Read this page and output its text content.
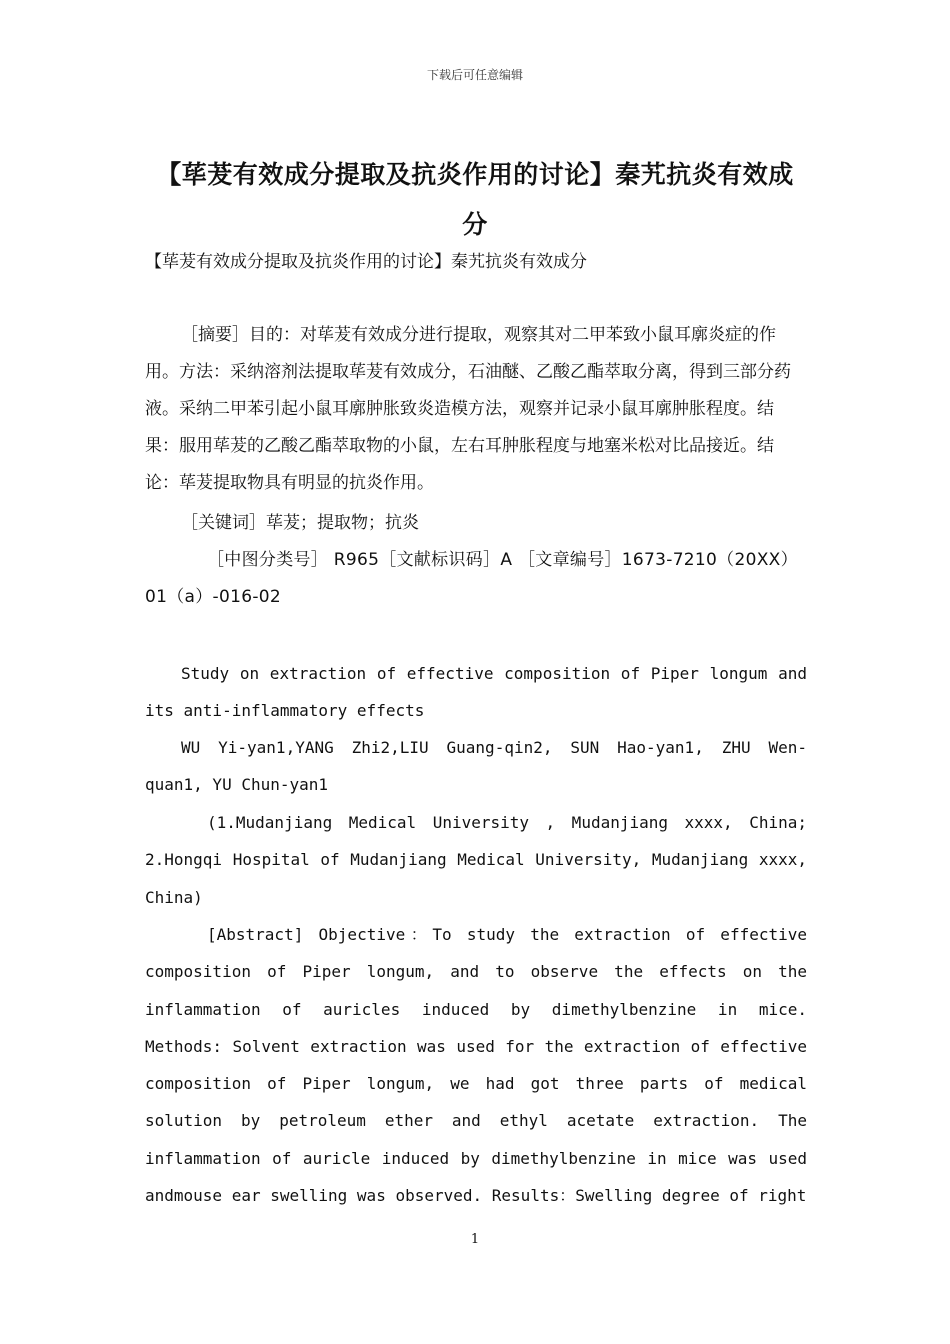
下载后可任意编辑
【荜茇有效成分提取及抗炎作用的讨论】秦艽抗炎有效成
分
【荜茇有效成分提取及抗炎作用的讨论】秦艽抗炎有效成分
［摘要］目的：对荜茇有效成分进行提取，观察其对二甲苯致小鼠耳廓炎症的作用。方法：采纳溶剂法提取荜茇有效成分，石油醚、乙酸乙酯萃取分离，得到三部分药液。采纳二甲苯引起小鼠耳廓肿胀致炎造模方法，观察并记录小鼠耳廓肿胀程度。结果：服用荜茇的乙酸乙酯萃取物的小鼠，左右耳肿胀程度与地塞米松对比品接近。结论：荜茇提取物具有明显的抗炎作用。
［关键词］荜茇；提取物；抗炎
［中图分类号］ R965［文献标识码］A ［文章编号］1673-7210（20XX）01（a）-016-02
Study on extraction of effective composition of Piper longum and its anti-inflammatory effects
WU Yi-yan1,YANG Zhi2,LIU Guang-qin2, SUN Hao-yan1, ZHU Wen-quan1, YU Chun-yan1
(1.Mudanjiang Medical University , Mudanjiang xxxx, China; 2.Hongqi Hospital of Mudanjiang Medical University, Mudanjiang xxxx, China)
[Abstract] Objective：To study the extraction of effective composition of Piper longum, and to observe the effects on the inflammation of auricles induced by dimethylbenzine in mice. Methods: Solvent extraction was used for the extraction of effective composition of Piper longum, we had got three parts of medical solution by petroleum ether and ethyl acetate extraction. The inflammation of auricle induced by dimethylbenzine in mice was used andmouse ear swelling was observed. Results：Swelling degree of right
1
